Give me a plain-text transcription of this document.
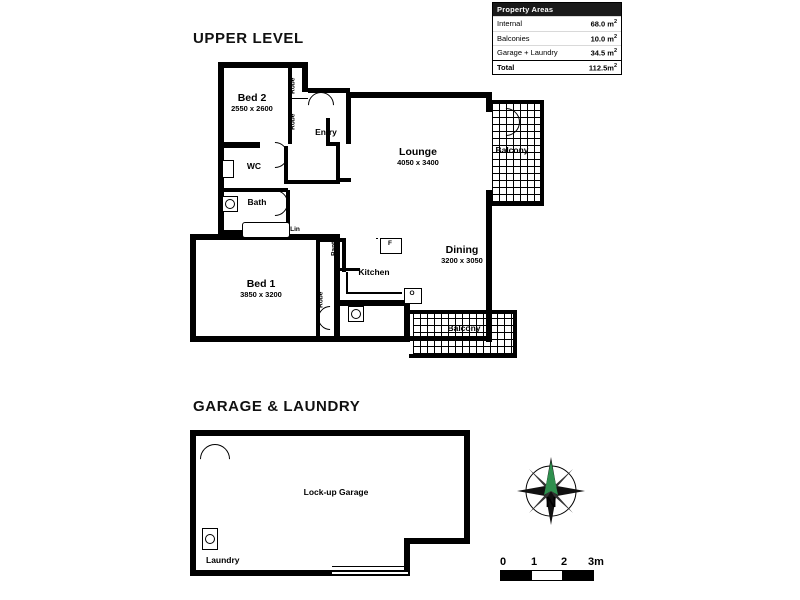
Property Areas
Internal	68.0 $m^2$
Balconies	10.0 $m^2$
Garage + Laundry	34.5 $m^2$
Total	$112.5m^2$
UPPER LEVEL
F
O
Bed 2
2550 x 2600
Lounge
4050 x 3400
Dining
3200 x 3050
Bed 1
3850 x 3200
Entry
WC
Bath
Kitchen
Robe
Robe
Robe
Pantry
Lin
Balcony
Balcony
GARAGE & LAUNDRY
Lock-up Garage
Laundry
N
0 1 2 3m
